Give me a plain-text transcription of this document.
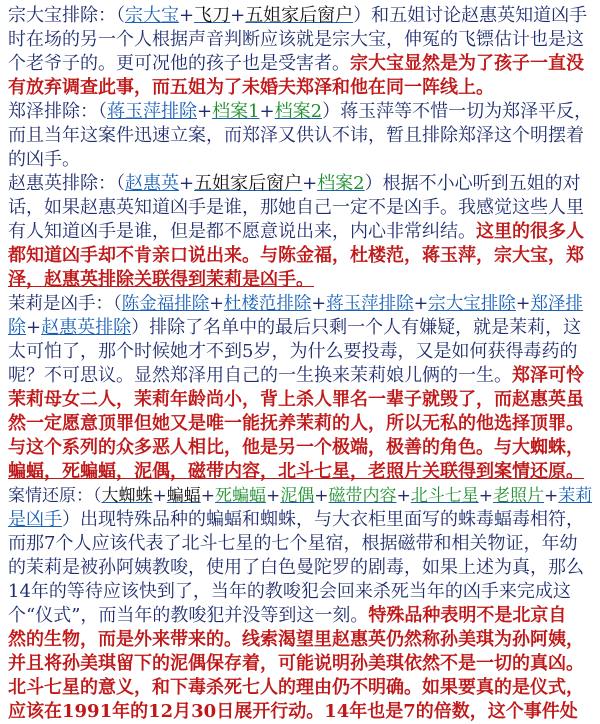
宗大宝排除：（宗大宝+飞刀+五姐家后窗户）和五姐讨论赵惠英知道凶手
时在场的另一个人根据声音判断应该就是宗大宝，伸冤的飞镖估计也是这
个老爷子的。更可况他的孩子也是受害者。宗大宝显然是为了孩子一直没
有放弃调查此事，而五姐为了未婚夫郑泽和他在同一阵线上。
郑泽排除：（蒋玉萍排除+档案1+档案2）蒋玉萍等不惜一切为郑泽平反，
而且当年这案件迅速立案，而郑泽又供认不讳，暂且排除郑泽这个明摆着
的凶手。
赵惠英排除：（赵惠英+五姐家后窗户+档案2）根据不小心听到五姐的对
话，如果赵惠英知道凶手是谁，那她自己一定不是凶手。我感觉这些人里
有人知道凶手是谁，但是都不愿意说出来，内心非常纠结。这里的很多人
都知道凶手却不肯亲口说出来。与陈金福，杜楼范，蒋玉萍，宗大宝，郑
泽，赵惠英排除关联得到茉莉是凶手。
茉莉是凶手：（陈金福排除+杜楼范排除+蒋玉萍排除+宗大宝排除+郑泽排
除+赵惠英排除）排除了名单中的最后只剩一个人有嫌疑，就是茉莉，这
太可怕了，那个时候她才不到5岁，为什么要投毒，又是如何获得毒药的
呢？不可思议。显然郑泽用自己的一生换来茉莉娘儿俩的一生。郑泽可怜
茉莉母女二人，茉莉年龄尚小，背上杀人罪名一辈子就毁了，而赵惠英虽
然一定愿意顶罪但她又是唯一能抚养茉莉的人，所以无私的他选择顶罪。
与这个系列的众多恶人相比，他是另一个极端，极善的角色。与大蜘蛛，
蝙蝠，死蝙蝠，泥偶，磁带内容，北斗七星，老照片关联得到案情还原。
案情还原：（大蜘蛛+蝙蝠+死蝙蝠+泥偶+磁带内容+北斗七星+老照片+茉莉
是凶手）出现特殊品种的蝙蝠和蜘蛛，与大衣柜里面写的蛛毒蝠毒相符，
而那7个人应该代表了北斗七星的七个星宿，根据磁带和相关物证，年幼
的茉莉是被孙阿姨教唆，使用了白色曼陀罗的剧毒，如果上述为真，那么
14年的等待应该快到了，当年的教唆犯会回来杀死当年的凶手来完成这
个“仪式”，而当年的教唆犯并没等到这一刻。特殊品种表明不是北京自
然的生物，而是外来带来的。线索渴望里赵惠英仍然称孙美琪为孙阿姨，
并且将孙美琪留下的泥偶保存着，可能说明孙美琪依然不是一切的真凶。
北斗七星的意义，和下毒杀死七人的理由仍不明确。如果要真的是仪式，
应该在1991年的12月30日展开行动。14年也是7的倍数，这个事件处
